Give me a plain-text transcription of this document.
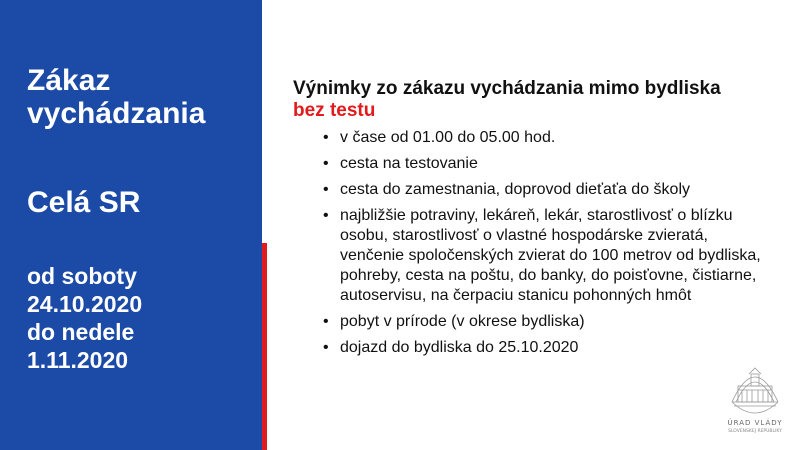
Zákaz
vychádzania
Celá SR
od soboty
24.10.2020
do nedele
1.11.2020

Výnimky zo zákazu vychádzania mimo bydliska

bez testu

• v čase od 01.00 do 05.00 hod.
• cesta na testovanie
• cesta do zamestnania, doprovod dieťaťa do školy
• najbližšie potraviny, lekáreň, lekár, starostlivosť o blízku osobu, starostlivosť o vlastné hospodárske zvieratá, venčenie spoločenských zvierat do 100 metrov od bydliska, pohreby, cesta na poštu, do banky, do poisťovne, čistiarne, autoservisu, na čerpaciu stanicu pohonných hmôt
• pobyt v prírode (v okrese bydliska)
• dojazd do bydliska do 25.10.2020
ÚRAD VLÁDY
SLOVENSKEJ REPUBLIKY
